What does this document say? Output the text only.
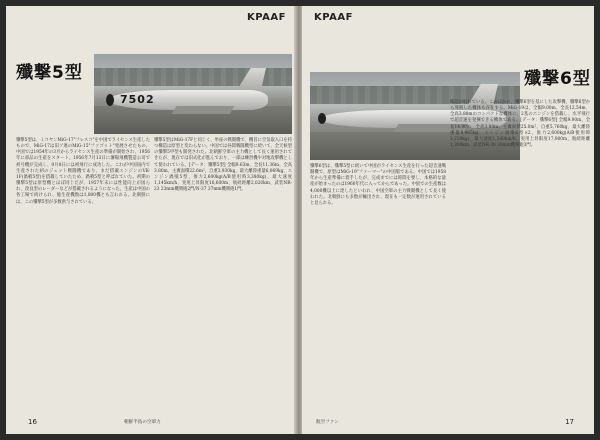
KPAAF
殲撃5型
7502
殲撃5型は、ミコヤンMiG-17"フレスコ"を中国でライセンス生産したもので、MiG-17は旧ソ連のMiG-15"ファゴット"発展させたもの。中国では1954年の3月からライセンス生産の準備が開始され、1956年に部品の生産をスタート。1956年7月13日に瀋陽飛機製造公司で初号機が完成し、9月8日には初飛行に成功した。これが中国国内で生産された初のジェット戦闘機であり、まだ搭載エンジンのVK-1F(渦噴5型)を搭載していたため、渦噴5型と呼ばれていた。初期の殲撃5型は原型機とほぼ同じだが、1957年末には性能向上が図られ、改良型のレーダーなどが搭載されるようになった。生産は中国の各工場で続けられ、総生産機数は1,800機とも言われる。北朝鮮には、この殲撃5型が多数供与されている。
殲撃5型はMiG-17Fと同じく、単座の戦闘機で、機首に空気取入口を持つ構造は原型と変わらない。中国では昼間戦闘機型に続いて、全天候型の殲撃5甲型も開発された。北朝鮮空軍の主力機として長く運用されてきたが、現在では旧式化が進んでおり、一部は練習機や対地攻撃機として使われている。[データ：殲撃5型] 全幅9.63m、全長11.36m、全高3.80m、主翼面積22.6m²、自重3,930kg、最大離陸重量6,069kg、エンジン渦噴5型、推力2,600kg(A/B使用時3,380kg)、最大速度1,145km/h、実用上昇限度16,600m、航続距離2,020km、武装NR-23 23mm機関砲2門/N-37 37mm機関砲1門。
16	朝鮮半島の空軍力
KPAAF
殲撃6型
殲撃6型は、殲撃5型に続いて中国がライセンス生産を行った超音速戦闘機で、原型はMiG-19"ファーマー"の中国版である。中国では1958年から生産準備に着手したが、完成までには時間を要し、本格的な量産が始まったのは1960年代に入ってからであった。中国での生産数は4,000機以上に達したといわれ、中国空軍の主力戦闘機として長く使われた。北朝鮮にも多数が輸出され、現在も一定数が運用されていると見られる。
確認が取れている。このほかに、殲撃6型を基にした攻撃機、殲撃6型から発展した機体も存在する。MiG-19は、全幅9.00m、全長12.54m、全高3.88mのコンパクトな機体に、2基のエンジンを搭載し、水平飛行で超音速を発揮できる機体である。[データ：殲撃6型] 全幅9.00m、全長14.90m、全高3.88m、主翼面積25.0m²、自重5,760kg、最大離陸重量8,965kg、エンジン渦噴6型×2、推力2,600kg(A/B使用時3,250kg)、最大速度1,540km/h、実用上昇限度17,900m、航続距離1,390km、武装NR-30 30mm機関砲3門。
17
航空ファン
